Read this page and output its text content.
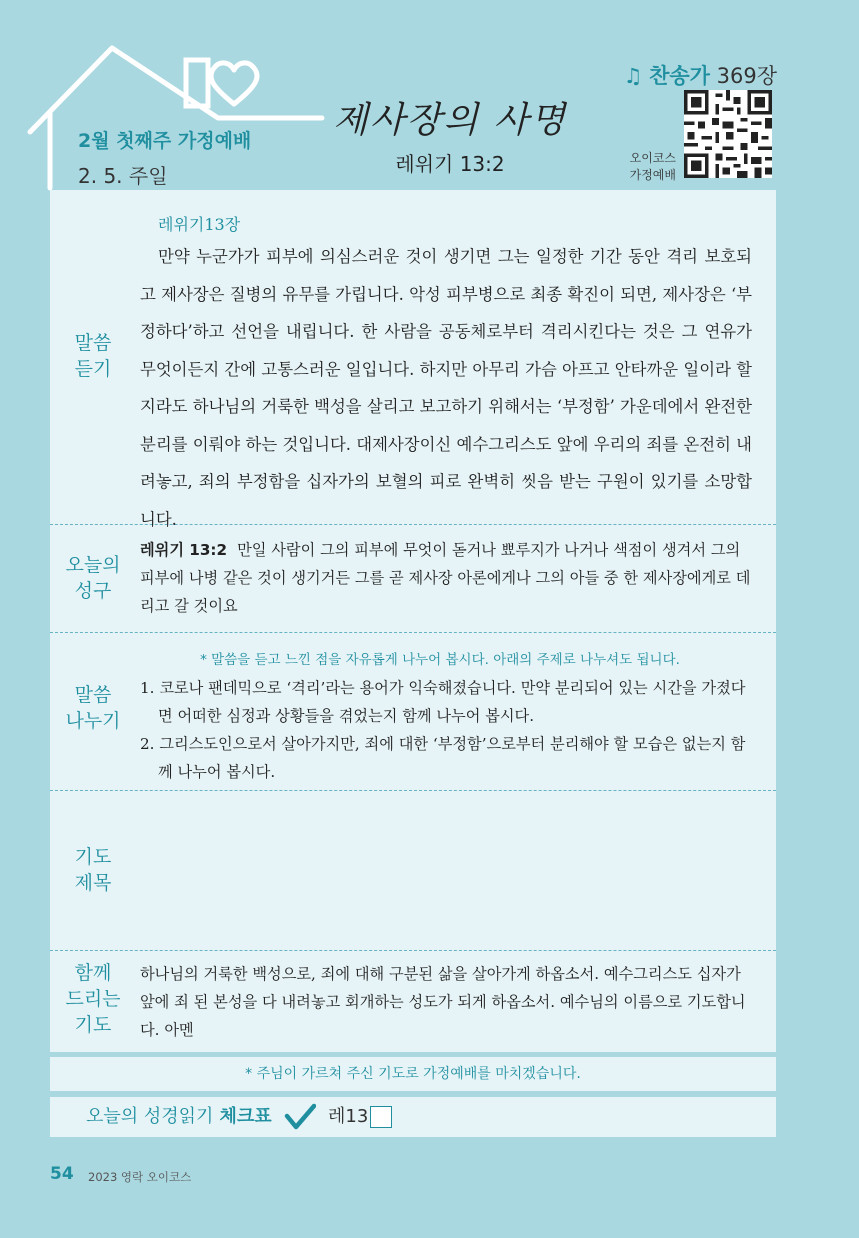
2월 첫째주 가정예배
2. 5. 주일
제사장의 사명
레위기 13:2
♫ 찬송가 369장
오이코스
가정예배
말씀
듣기
레위기13장
만약 누군가가 피부에 의심스러운 것이 생기면 그는 일정한 기간 동안 격리 보호되고 제사장은 질병의 유무를 가립니다. 악성 피부병으로 최종 확진이 되면, 제사장은 ‘부정하다’하고 선언을 내립니다. 한 사람을 공동체로부터 격리시킨다는 것은 그 연유가 무엇이든지 간에 고통스러운 일입니다. 하지만 아무리 가슴 아프고 안타까운 일이라 할지라도 하나님의 거룩한 백성을 살리고 보고하기 위해서는 ‘부정함’ 가운데에서 완전한 분리를 이뤄야 하는 것입니다. 대제사장이신 예수그리스도 앞에 우리의 죄를 온전히 내려놓고, 죄의 부정함을 십자가의 보혈의 피로 완벽히 씻음 받는 구원이 있기를 소망합니다.
오늘의
성구
레위기 13:2 만일 사람이 그의 피부에 무엇이 돋거나 뾰루지가 나거나 색점이 생겨서 그의 피부에 나병 같은 것이 생기거든 그를 곧 제사장 아론에게나 그의 아들 중 한 제사장에게로 데리고 갈 것이요
말씀
나누기
* 말씀을 듣고 느낀 점을 자유롭게 나누어 봅시다. 아래의 주제로 나누셔도 됩니다.
1. 코로나 팬데믹으로 ‘격리’라는 용어가 익숙해졌습니다. 만약 분리되어 있는 시간을 가졌다면 어떠한 심정과 상황들을 겪었는지 함께 나누어 봅시다.
2. 그리스도인으로서 살아가지만, 죄에 대한 ‘부정함’으로부터 분리해야 할 모습은 없는지 함께 나누어 봅시다.
기도
제목
함께
드리는
기도
하나님의 거룩한 백성으로, 죄에 대해 구분된 삶을 살아가게 하옵소서. 예수그리스도 십자가 앞에 죄 된 본성을 다 내려놓고 회개하는 성도가 되게 하옵소서. 예수님의 이름으로 기도합니다. 아멘
* 주님이 가르쳐 주신 기도로 가정예배를 마치겠습니다.
오늘의 성경읽기 체크표	레13
54 2023 영락 오이코스
